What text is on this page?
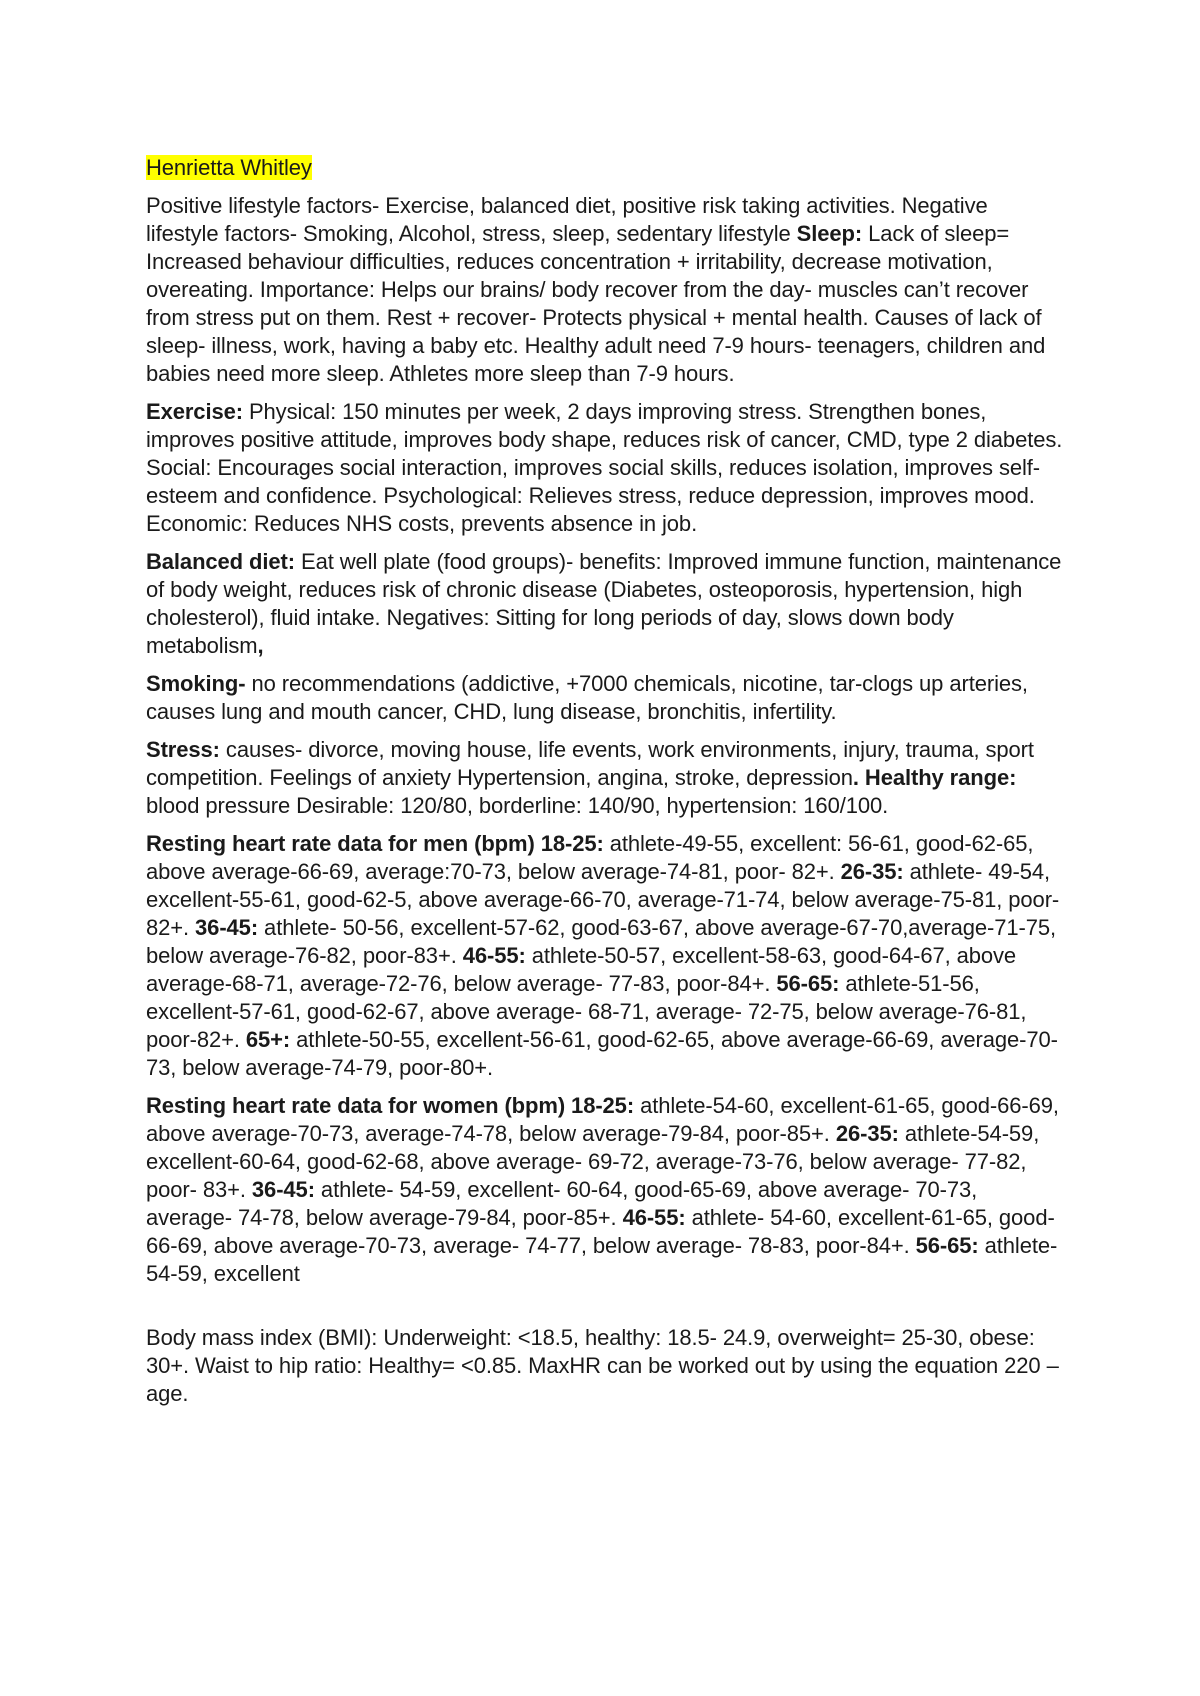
Henrietta Whitley

Positive lifestyle factors- Exercise, balanced diet, positive risk taking activities. Negative lifestyle factors- Smoking, Alcohol, stress, sleep, sedentary lifestyle Sleep: Lack of sleep= Increased behaviour difficulties, reduces concentration + irritability, decrease motivation, overeating. Importance: Helps our brains/ body recover from the day- muscles can’t recover from stress put on them. Rest + recover- Protects physical + mental health. Causes of lack of sleep- illness, work, having a baby etc. Healthy adult need 7-9 hours- teenagers, children and babies need more sleep. Athletes more sleep than 7-9 hours.

Exercise: Physical: 150 minutes per week, 2 days improving stress. Strengthen bones, improves positive attitude, improves body shape, reduces risk of cancer, CMD, type 2 diabetes. Social: Encourages social interaction, improves social skills, reduces isolation, improves self-esteem and confidence. Psychological: Relieves stress, reduce depression, improves mood. Economic: Reduces NHS costs, prevents absence in job.

Balanced diet: Eat well plate (food groups)- benefits: Improved immune function, maintenance of body weight, reduces risk of chronic disease (Diabetes, osteoporosis, hypertension, high cholesterol), fluid intake. Negatives: Sitting for long periods of day, slows down body metabolism,

Smoking- no recommendations (addictive, +7000 chemicals, nicotine, tar-clogs up arteries, causes lung and mouth cancer, CHD, lung disease, bronchitis, infertility.

Stress: causes- divorce, moving house, life events, work environments, injury, trauma, sport competition. Feelings of anxiety Hypertension, angina, stroke, depression. Healthy range: blood pressure Desirable: 120/80, borderline: 140/90, hypertension: 160/100.

Resting heart rate data for men (bpm) 18-25: athlete-49-55, excellent: 56-61, good-62-65, above average-66-69, average:70-73, below average-74-81, poor- 82+. 26-35: athlete- 49-54, excellent-55-61, good-62-5, above average-66-70, average-71-74, below average-75-81, poor-82+. 36-45: athlete- 50-56, excellent-57-62, good-63-67, above average-67-70,average-71-75, below average-76-82, poor-83+. 46-55: athlete-50-57, excellent-58-63, good-64-67, above average-68-71, average-72-76, below average- 77-83, poor-84+. 56-65: athlete-51-56, excellent-57-61, good-62-67, above average- 68-71, average- 72-75, below average-76-81, poor-82+. 65+: athlete-50-55, excellent-56-61, good-62-65, above average-66-69, average-70-73, below average-74-79, poor-80+.

Resting heart rate data for women (bpm) 18-25: athlete-54-60, excellent-61-65, good-66-69, above average-70-73, average-74-78, below average-79-84, poor-85+. 26-35: athlete-54-59, excellent-60-64, good-62-68, above average- 69-72, average-73-76, below average- 77-82, poor- 83+. 36-45: athlete- 54-59, excellent- 60-64, good-65-69, above average- 70-73, average- 74-78, below average-79-84, poor-85+. 46-55: athlete- 54-60, excellent-61-65, good-66-69, above average-70-73, average- 74-77, below average- 78-83, poor-84+. 56-65: athlete-54-59, excellent

Body mass index (BMI): Underweight: <18.5, healthy: 18.5- 24.9, overweight= 25-30, obese: 30+. Waist to hip ratio: Healthy= <0.85. MaxHR can be worked out by using the equation 220 – age.
